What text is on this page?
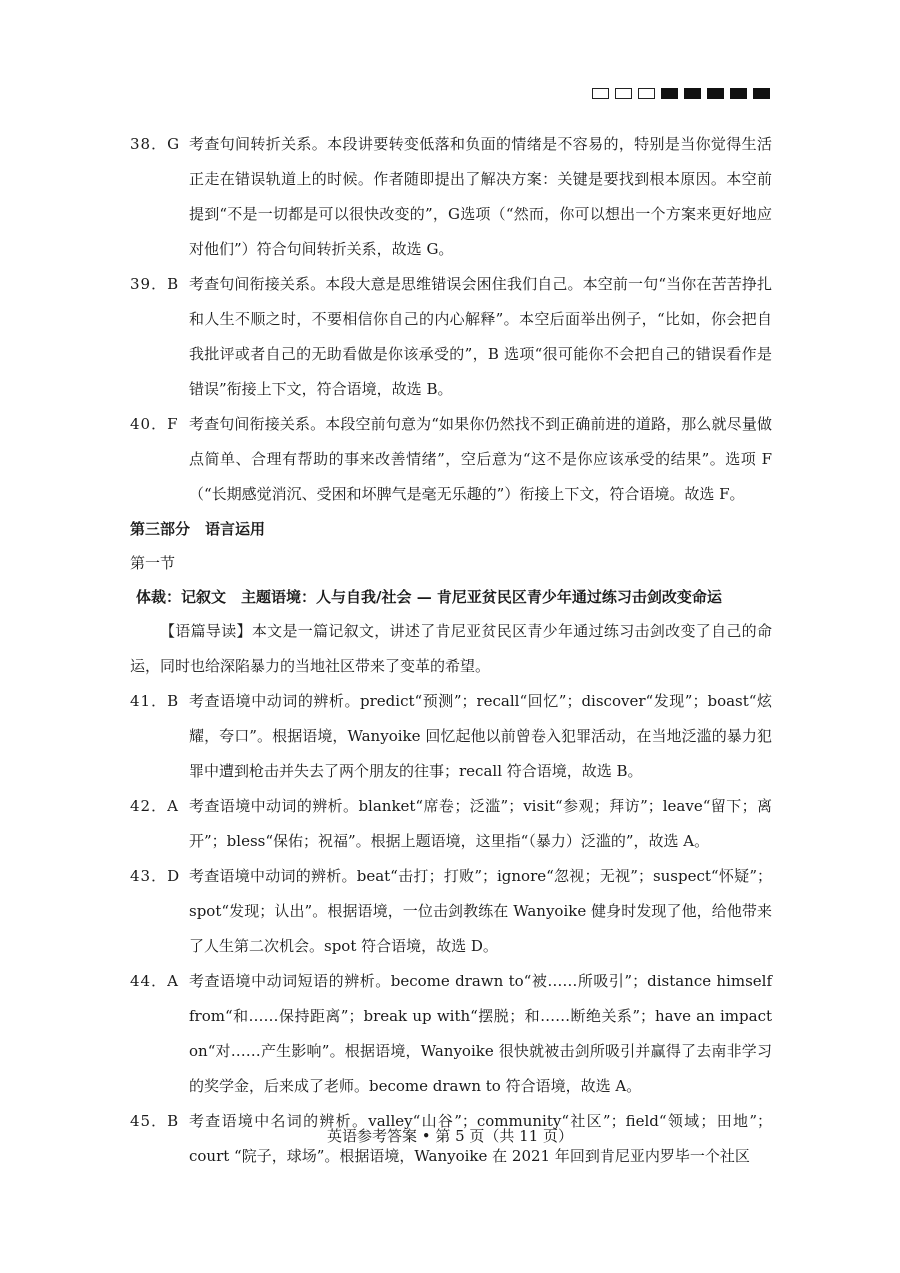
38．G 考查句间转折关系。本段讲要转变低落和负面的情绪是不容易的，特别是当你觉得生活正走在错误轨道上的时候。作者随即提出了解决方案：关键是要找到根本原因。本空前提到“不是一切都是可以很快改变的”，G选项（“然而，你可以想出一个方案来更好地应对他们”）符合句间转折关系，故选 G。
39．B 考查句间衔接关系。本段大意是思维错误会困住我们自己。本空前一句“当你在苦苦挣扎和人生不顺之时，不要相信你自己的内心解释”。本空后面举出例子，“比如，你会把自我批评或者自己的无助看做是你该承受的”，B 选项“很可能你不会把自己的错误看作是错误”衔接上下文，符合语境，故选 B。
40．F 考查句间衔接关系。本段空前句意为“如果你仍然找不到正确前进的道路，那么就尽量做点简单、合理有帮助的事来改善情绪”，空后意为“这不是你应该承受的结果”。选项 F（“长期感觉消沉、受困和坏脾气是毫无乐趣的”）衔接上下文，符合语境。故选 F。
第三部分　语言运用
第一节
体裁：记叙文　主题语境：人与自我/社会 — 肯尼亚贫民区青少年通过练习击剑改变命运
【语篇导读】本文是一篇记叙文，讲述了肯尼亚贫民区青少年通过练习击剑改变了自己的命运，同时也给深陷暴力的当地社区带来了变革的希望。
41．B 考查语境中动词的辨析。predict“预测”；recall“回忆”；discover“发现”；boast“炫耀，夸口”。根据语境，Wanyoike 回忆起他以前曾卷入犯罪活动，在当地泛滥的暴力犯罪中遭到枪击并失去了两个朋友的往事；recall 符合语境，故选 B。
42．A 考查语境中动词的辨析。blanket“席卷；泛滥”；visit“参观；拜访”；leave“留下；离开”；bless“保佑；祝福”。根据上题语境，这里指“（暴力）泛滥的”，故选 A。
43．D 考查语境中动词的辨析。beat“击打；打败”；ignore“忽视；无视”；suspect“怀疑”；spot“发现；认出”。根据语境，一位击剑教练在 Wanyoike 健身时发现了他，给他带来了人生第二次机会。spot 符合语境，故选 D。
44．A 考查语境中动词短语的辨析。become drawn to“被……所吸引”；distance himself from“和……保持距离”；break up with“摆脱；和……断绝关系”；have an impact on“对……产生影响”。根据语境，Wanyoike 很快就被击剑所吸引并赢得了去南非学习的奖学金，后来成了老师。become drawn to 符合语境，故选 A。
45．B 考查语境中名词的辨析。valley“山谷”；community“社区”；field“领域；田地”；court “院子，球场”。根据语境，Wanyoike 在 2021 年回到肯尼亚内罗毕一个社区
英语参考答案 • 第 5 页（共 11 页）
